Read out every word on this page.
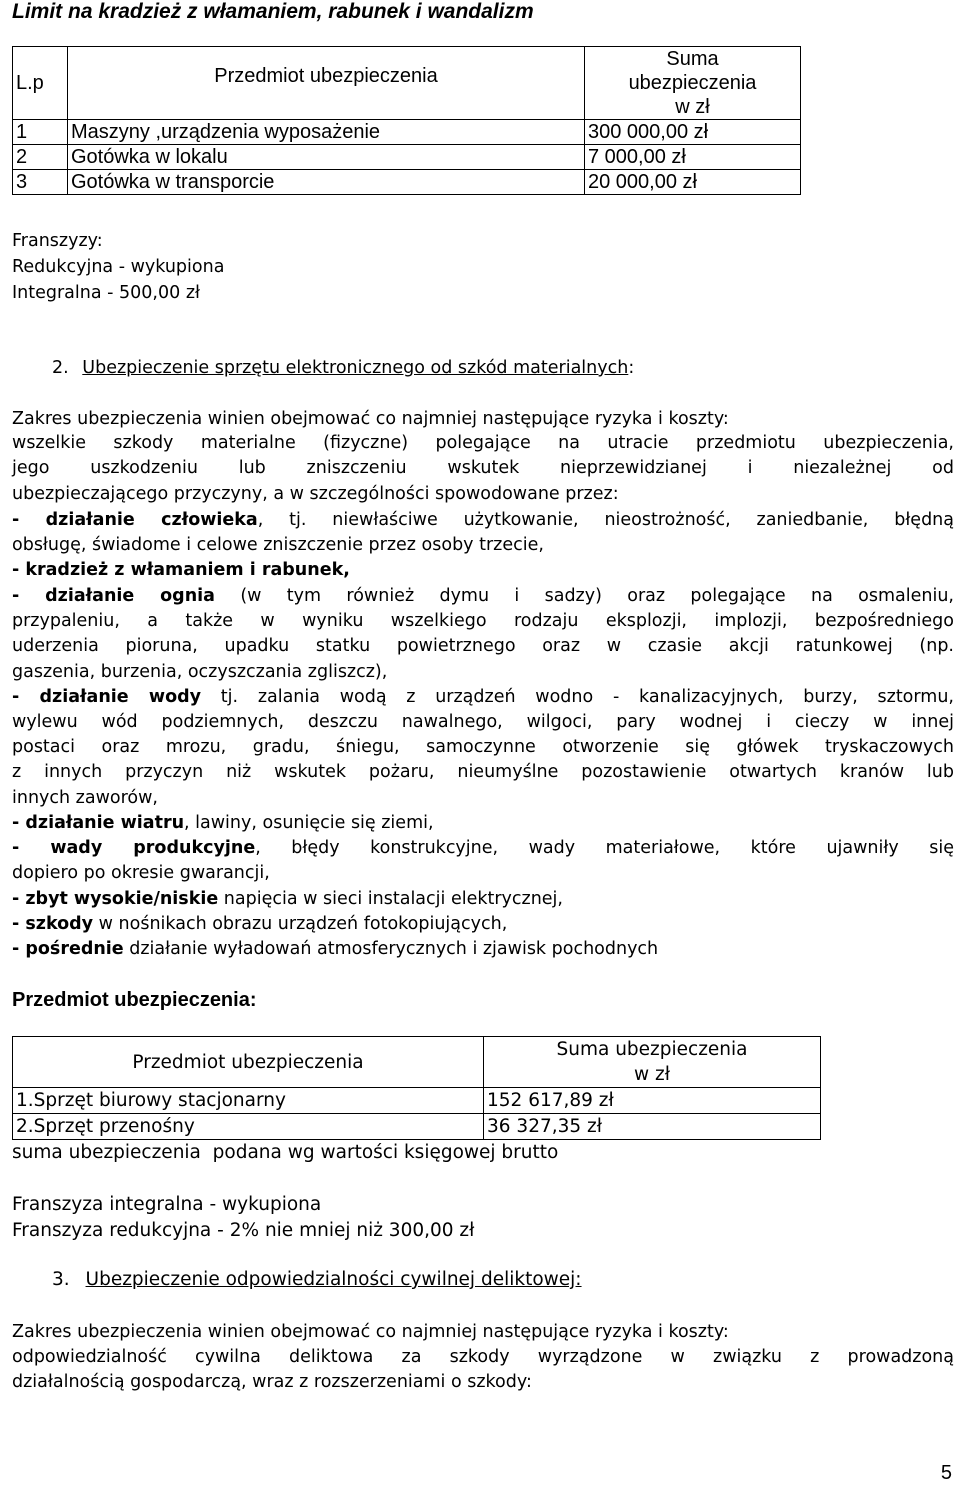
Limit na kradzież z włamaniem, rabunek i wandalizm
L.p	Przedmiot ubezpieczenia	Suma
ubezpieczenia
w zł

1	Maszyny ,urządzenia wyposażenie	300 000,00 zł
2	Gotówka w lokalu	7 000,00 zł
3	Gotówka w transporcie	20 000,00 zł
Franszyzy:
Redukcyjna - wykupiona
Integralna - 500,00 zł
2. Ubezpieczenie sprzętu elektronicznego od szkód materialnych:
Zakres ubezpieczenia winien obejmować co najmniej następujące ryzyka i koszty:
wszelkie szkody materialne (fizyczne) polegające na utracie przedmiotu ubezpieczenia,
jego uszkodzeniu lub zniszczeniu wskutek nieprzewidzianej i niezależnej od
ubezpieczającego przyczyny, a w szczególności spowodowane przez:
- działanie człowieka, tj. niewłaściwe użytkowanie, nieostrożność, zaniedbanie, błędną
obsługę, świadome i celowe zniszczenie przez osoby trzecie,
- kradzież z włamaniem i rabunek,
- działanie ognia (w tym również dymu i sadzy) oraz polegające na osmaleniu,
przypaleniu, a także w wyniku wszelkiego rodzaju eksplozji, implozji, bezpośredniego
uderzenia pioruna, upadku statku powietrznego oraz w czasie akcji ratunkowej (np.
gaszenia, burzenia, oczyszczania zgliszcz),
- działanie wody tj. zalania wodą z urządzeń wodno - kanalizacyjnych, burzy, sztormu,
wylewu wód podziemnych, deszczu nawalnego, wilgoci, pary wodnej i cieczy w innej
postaci oraz mrozu, gradu, śniegu, samoczynne otworzenie się główek tryskaczowych
z innych przyczyn niż wskutek pożaru, nieumyślne pozostawienie otwartych kranów lub
innych zaworów,
- działanie wiatru, lawiny, osunięcie się ziemi,
- wady produkcyjne, błędy konstrukcyjne, wady materiałowe, które ujawniły się
dopiero po okresie gwarancji,
- zbyt wysokie/niskie napięcia w sieci instalacji elektrycznej,
- szkody w nośnikach obrazu urządzeń fotokopiujących,
- pośrednie działanie wyładowań atmosferycznych i zjawisk pochodnych
Przedmiot ubezpieczenia:
Przedmiot ubezpieczenia	Suma ubezpieczenia
w zł

1.Sprzęt biurowy stacjonarny	152 617,89 zł
2.Sprzęt przenośny	36 327,35 zł
suma ubezpieczenia  podana wg wartości księgowej brutto
Franszyza integralna - wykupiona
Franszyza redukcyjna - 2% nie mniej niż 300,00 zł
3. Ubezpieczenie odpowiedzialności cywilnej deliktowej:
Zakres ubezpieczenia winien obejmować co najmniej następujące ryzyka i koszty:
odpowiedzialność cywilna deliktowa za szkody wyrządzone w związku z prowadzoną
działalnością gospodarczą, wraz z rozszerzeniami o szkody:
5
